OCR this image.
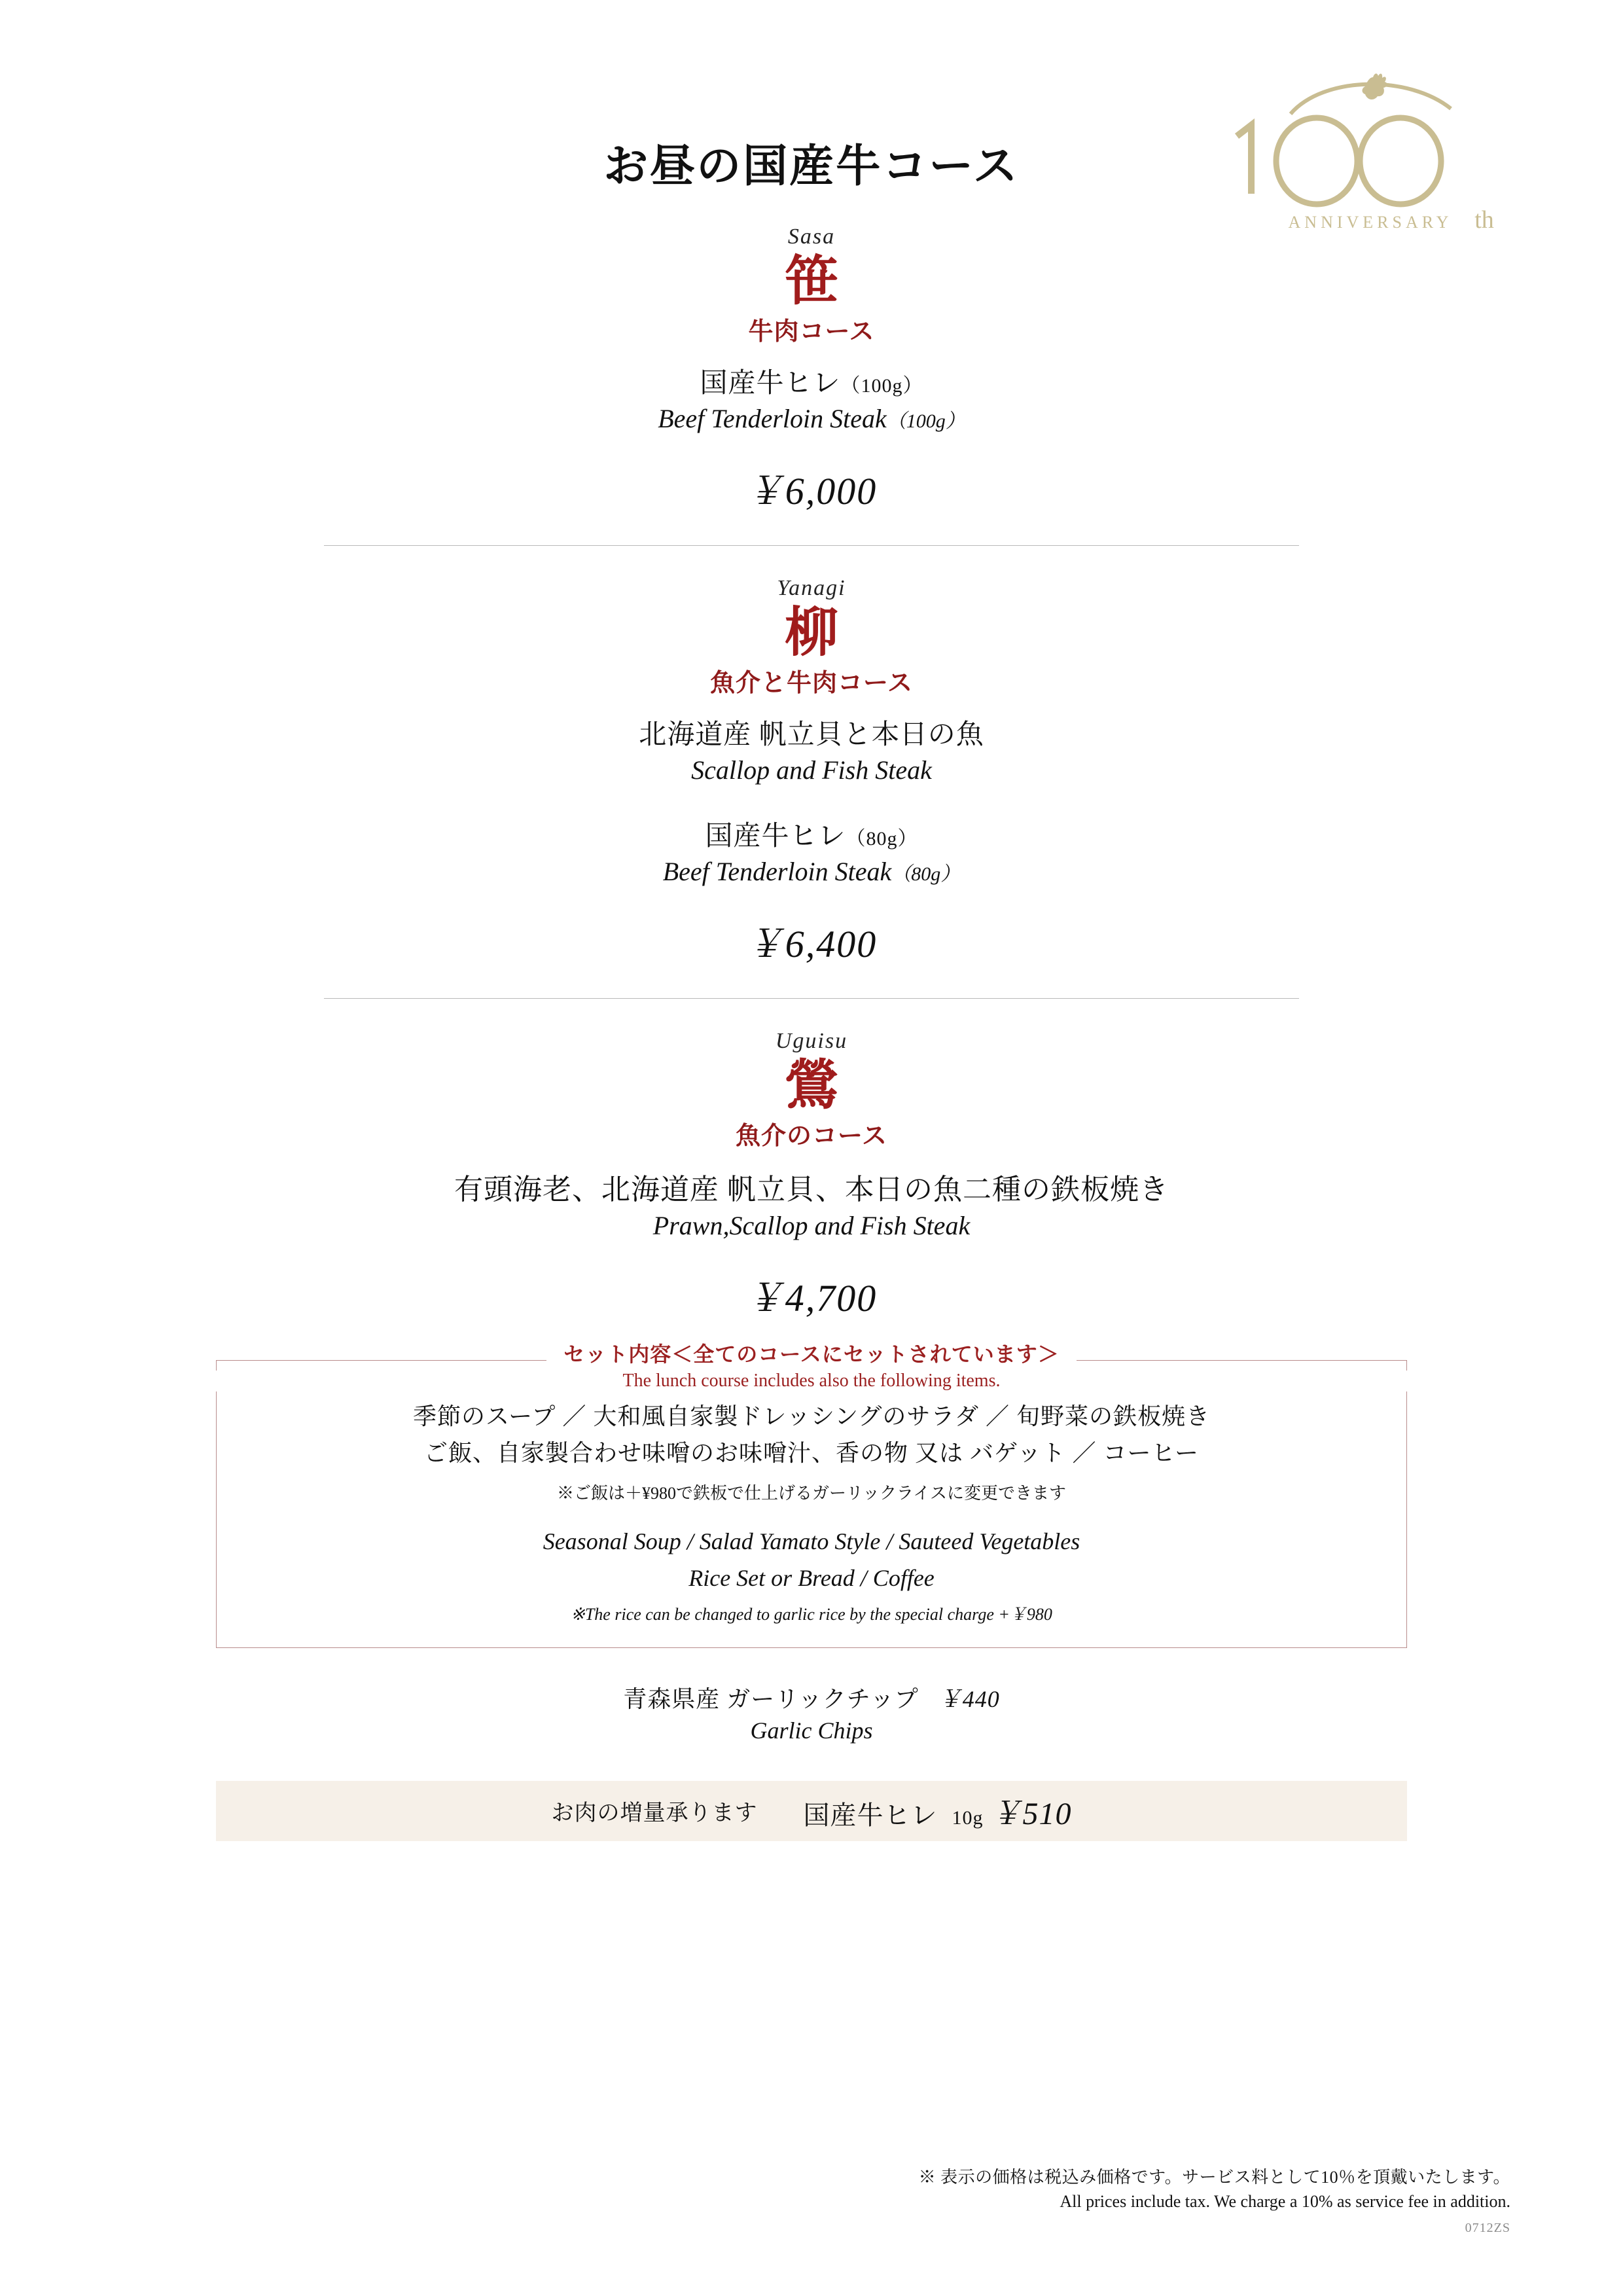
ANNIVERSARY th
お昼の国産牛コース
Sasa
笹
牛肉コース
国産牛ヒレ（100g）
Beef Tenderloin Steak（100g）
￥6,000
Yanagi
柳
魚介と牛肉コース
北海道産 帆立貝と本日の魚
Scallop and Fish Steak
国産牛ヒレ（80g）
Beef Tenderloin Steak（80g）
￥6,400
Uguisu
鶯
魚介のコース
有頭海老、北海道産 帆立貝、本日の魚二種の鉄板焼き
Prawn,Scallop and Fish Steak
￥4,700
セット内容＜全てのコースにセットされています＞
The lunch course includes also the following items.
季節のスープ ／ 大和風自家製ドレッシングのサラダ ／ 旬野菜の鉄板焼き
ご飯、自家製合わせ味噌のお味噌汁、香の物 又は バゲット ／ コーヒー
※ご飯は＋¥980で鉄板で仕上げるガーリックライスに変更できます
Seasonal Soup / Salad Yamato Style / Sauteed Vegetables
Rice Set or Bread / Coffee
※The rice can be changed to garlic rice by the special charge +￥980
青森県産 ガーリックチップ ￥440
Garlic Chips
お肉の増量承ります 国産牛ヒレ 10g ￥510
※ 表示の価格は税込み価格です。サービス料として10％を頂戴いたします。
All prices include tax. We charge a 10% as service fee in addition.
0712ZS
